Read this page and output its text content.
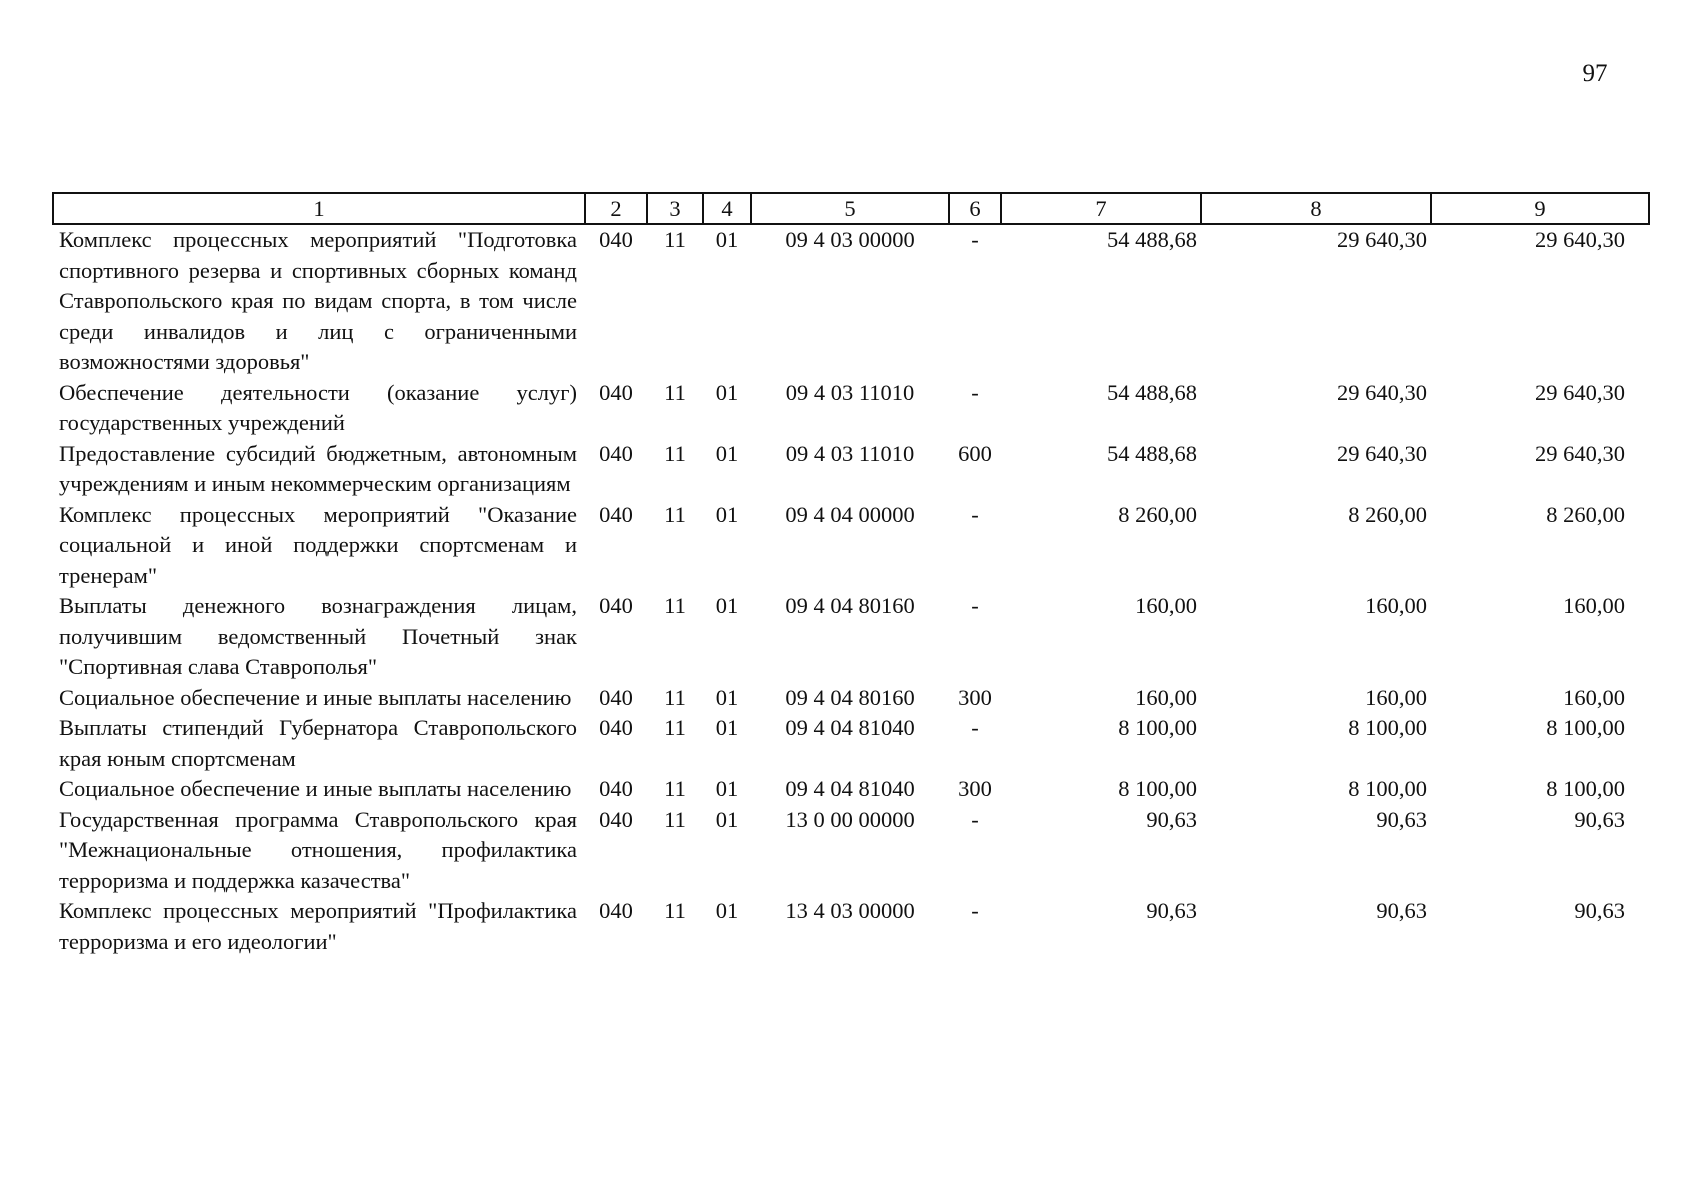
97
1	2	3	4	5	6	7	8	9
Комплекс процессных мероприятий "Подготовка спортивного резерва и спортивных сборных команд Ставропольского края по видам спорта, в том числе среди инвалидов и лиц с ограниченными возможностями здоровья"	040	11	01	09 4 03 00000	-	54 488,68	29 640,30	29 640,30
Обеспечение деятельности (оказание услуг) государственных учреждений	040	11	01	09 4 03 11010	-	54 488,68	29 640,30	29 640,30
Предоставление субсидий бюджетным, автономным учреждениям и иным некоммерческим организациям	040	11	01	09 4 03 11010	600	54 488,68	29 640,30	29 640,30
Комплекс процессных мероприятий "Оказание социальной и иной поддержки спортсменам и тренерам"	040	11	01	09 4 04 00000	-	8 260,00	8 260,00	8 260,00
Выплаты денежного вознаграждения лицам, получившим ведомственный Почетный знак "Спортивная слава Ставрополья"	040	11	01	09 4 04 80160	-	160,00	160,00	160,00
Социальное обеспечение и иные выплаты населению	040	11	01	09 4 04 80160	300	160,00	160,00	160,00
Выплаты стипендий Губернатора Ставропольского края юным спортсменам	040	11	01	09 4 04 81040	-	8 100,00	8 100,00	8 100,00
Социальное обеспечение и иные выплаты населению	040	11	01	09 4 04 81040	300	8 100,00	8 100,00	8 100,00
Государственная программа Ставропольского края "Межнациональные отношения, профилактика терроризма и поддержка казачества"	040	11	01	13 0 00 00000	-	90,63	90,63	90,63
Комплекс процессных мероприятий "Профилактика терроризма и его идеологии"	040	11	01	13 4 03 00000	-	90,63	90,63	90,63
